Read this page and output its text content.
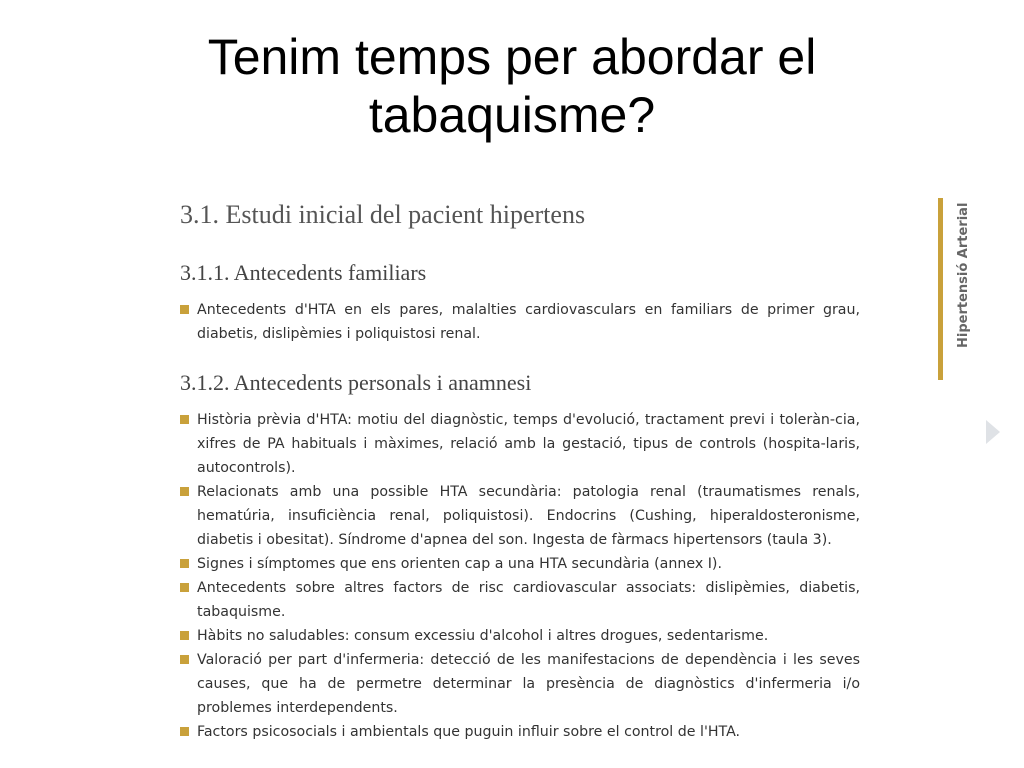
Tenim temps per abordar el
tabaquisme?
3.1. Estudi inicial del pacient hipertens
3.1.1. Antecedents familiars
Antecedents d'HTA en els pares, malalties cardiovasculars en familiars de primer grau, diabetis, dislipèmies i poliquistosi renal.
3.1.2. Antecedents personals i anamnesi
Història prèvia d'HTA: motiu del diagnòstic, temps d'evolució, tractament previ i toleràn-cia, xifres de PA habituals i màximes, relació amb la gestació, tipus de controls (hospita-laris, autocontrols).
Relacionats amb una possible HTA secundària: patologia renal (traumatismes renals, hematúria, insuficiència renal, poliquistosi). Endocrins (Cushing, hiperaldosteronisme, diabetis i obesitat). Síndrome d'apnea del son. Ingesta de fàrmacs hipertensors (taula 3).
Signes i símptomes que ens orienten cap a una HTA secundària (annex I).
Antecedents sobre altres factors de risc cardiovascular associats: dislipèmies, diabetis, tabaquisme.
Hàbits no saludables: consum excessiu d'alcohol i altres drogues, sedentarisme.
Valoració per part d'infermeria: detecció de les manifestacions de dependència i les seves causes, que ha de permetre determinar la presència de diagnòstics d'infermeria i/o problemes interdependents.
Factors psicosocials i ambientals que puguin influir sobre el control de l'HTA.
Hipertensió Arterial
